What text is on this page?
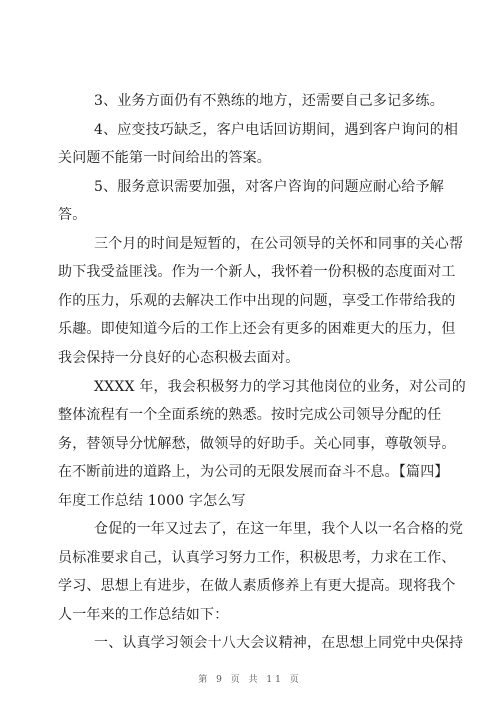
3、业务方面仍有不熟练的地方，还需要自己多记多练。
4、应变技巧缺乏，客户电话回访期间，遇到客户询问的相
关问题不能第一时间给出的答案。
5、服务意识需要加强，对客户咨询的问题应耐心给予解
答。
三个月的时间是短暂的，在公司领导的关怀和同事的关心帮
助下我受益匪浅。作为一个新人，我怀着一份积极的态度面对工
作的压力，乐观的去解决工作中出现的问题，享受工作带给我的
乐趣。即使知道今后的工作上还会有更多的困难更大的压力，但
我会保持一分良好的心态积极去面对。
XXXX 年，我会积极努力的学习其他岗位的业务，对公司的
整体流程有一个全面系统的熟悉。按时完成公司领导分配的任
务，替领导分忧解愁，做领导的好助手。关心同事，尊敬领导。
在不断前进的道路上，为公司的无限发展而奋斗不息。【篇四】
年度工作总结 1000 字怎么写
仓促的一年又过去了，在这一年里，我个人以一名合格的党
员标准要求自己，认真学习努力工作，积极思考，力求在工作、
学习、思想上有进步，在做人素质修养上有更大提高。现将我个
人一年来的工作总结如下：
一、认真学习领会十八大会议精神，在思想上同党中央保持
第 9 页 共 11 页
